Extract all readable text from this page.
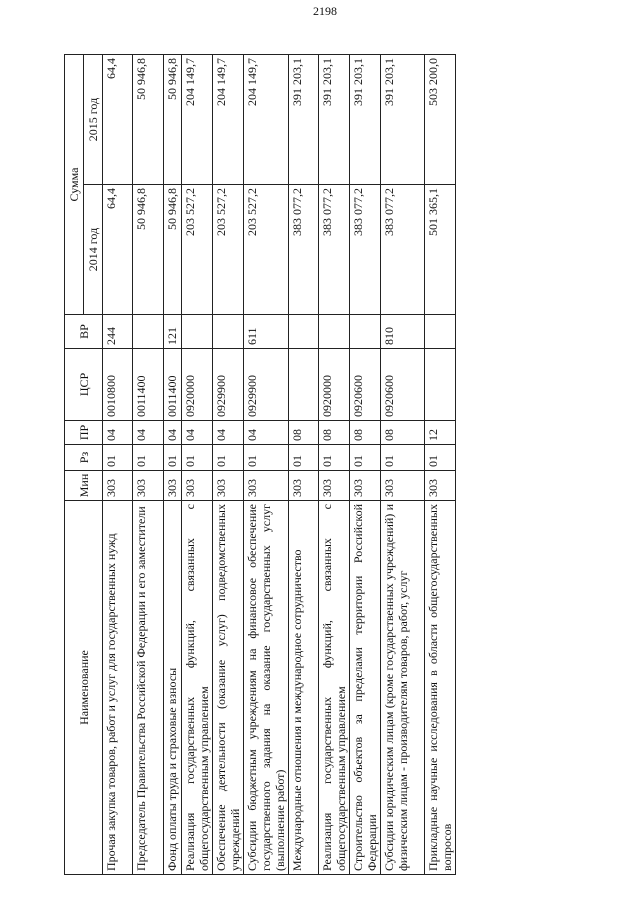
2198
Наименование	Мин	Рз	ПР	ЦСР	ВР	Сумма	
						2014 год	2015 год
Прочая закупка товаров, работ и услуг для государственных нужд	303	01	04	0010800	244	64,4	64,4
Председатель Правительства Российской Федерации и его заместители	303	01	04	0011400		50 946,8	50 946,8
Фонд оплаты труда и страховые взносы	303	01	04	0011400	121	50 946,8	50 946,8
Реализация государственных функций, связанных с общегосударственным управлением	303	01	04	0920000		203 527,2	204 149,7
Обеспечение деятельности (оказание услуг) подведомственных учреждений	303	01	04	0929900		203 527,2	204 149,7
Субсидии бюджетным учреждениям на финансовое обеспечение государственного задания на оказание государственных услуг (выполнение работ)	303	01	04	0929900	611	203 527,2	204 149,7
Международные отношения и международное сотрудничество	303	01	08			383 077,2	391 203,1
Реализация государственных функций, связанных с общегосударственным управлением	303	01	08	0920000		383 077,2	391 203,1
Строительство объектов за пределами территории Российской Федерации	303	01	08	0920600		383 077,2	391 203,1
Субсидии юридическим лицам (кроме государственных учреждений) и физическим лицам - производителям товаров, работ, услуг	303	01	08	0920600	810	383 077,2	391 203,1
Прикладные научные исследования в области общегосударственных вопросов	303	01	12			501 365,1	503 200,0
